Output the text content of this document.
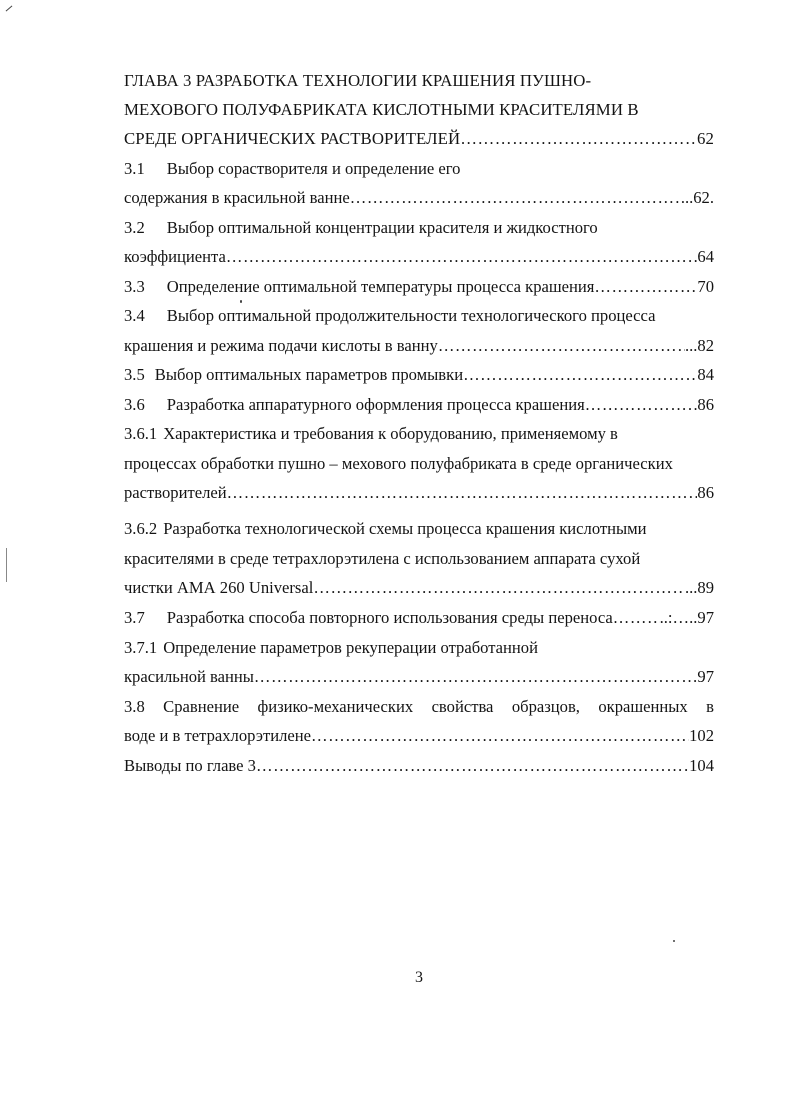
ГЛАВА 3 РАЗРАБОТКА ТЕХНОЛОГИИ КРАШЕНИЯ ПУШНО-
МЕХОВОГО ПОЛУФАБРИКАТА КИСЛОТНЫМИ КРАСИТЕЛЯМИ В
СРЕДЕ ОРГАНИЧЕСКИХ РАСТВОРИТЕЛЕЙ …………………………………………………………………………………………………………………………………………	62
3.1 Выбор сорастворителя и определение его
содержания в красильной ванне …………………………………………………………………………………………………………………………………………	..62.
3.2 Выбор оптимальной концентрации красителя и жидкостного
коэффициента …………………………………………………………………………………………………………………………………………	64
3.3 Определение оптимальной температуры процесса крашения …………………………………………………………………………………………………………………………………………	70
3.4 Выбор оптимальной продолжительности технологического процесса
крашения и режима подачи кислоты в ванну …………………………………………………………………………………………………………………………………………	...82
3.5 Выбор оптимальных параметров промывки …………………………………………………………………………………………………………………………………………	84
3.6 Разработка аппаратурного оформления процесса крашения …………………………………………………………………………………………………………………………………………	86
3.6.1 Характеристика и требования к оборудованию, применяемому в
процессах обработки пушно – мехового полуфабриката в среде органических
растворителей …………………………………………………………………………………………………………………………………………	86
3.6.2 Разработка технологической схемы процесса крашения кислотными
красителями в среде тетрахлорэтилена с использованием аппарата сухой
чистки АМА 260 Universal …………………………………………………………………………………………………………………………………………	...89
3.7 Разработка способа повторного использования среды переноса …………………………………………………………………………………………………………………………………………	..:…..97
3.7.1 Определение параметров рекуперации отработанной
красильной ванны …………………………………………………………………………………………………………………………………………	97
3.8 Сравнение физико-механических свойства образцов, окрашенных в
воде и в тетрахлорэтилене …………………………………………………………………………………………………………………………………………	102
Выводы по главе 3 …………………………………………………………………………………………………………………………………………	104
3
